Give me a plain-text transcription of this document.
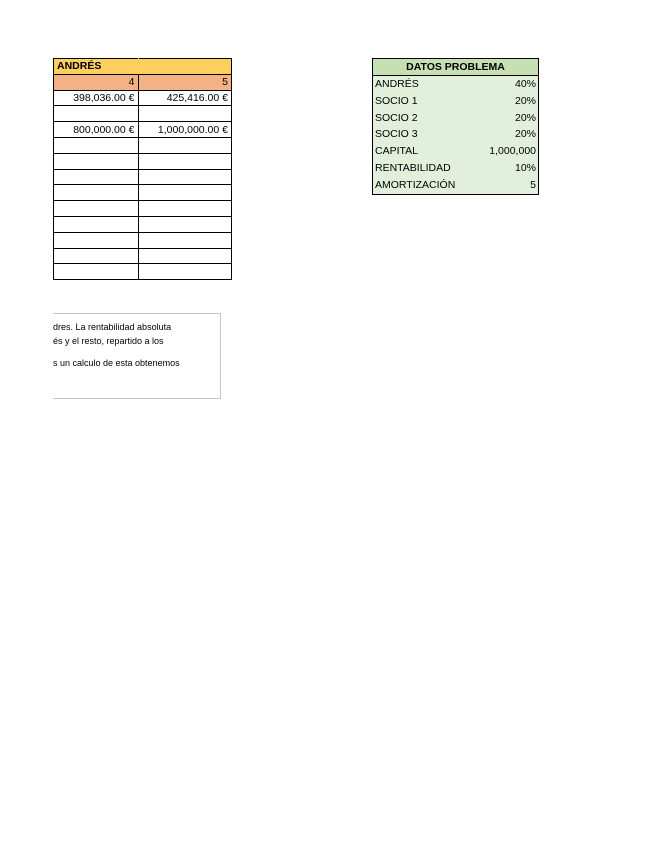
ANDRÉS	
4	5
398,036.00 €	425,416.00 €

800,000.00 €	1,000,000.00 €

dres. La rentabilidad absoluta
és y el resto, repartido a los
s un calculo de esta obtenemos
DATOS PROBLEMA
ANDRÉS	40%
SOCIO 1	20%
SOCIO 2	20%
SOCIO 3	20%
CAPITAL	1,000,000
RENTABILIDAD	10%
AMORTIZACIÓN	5
